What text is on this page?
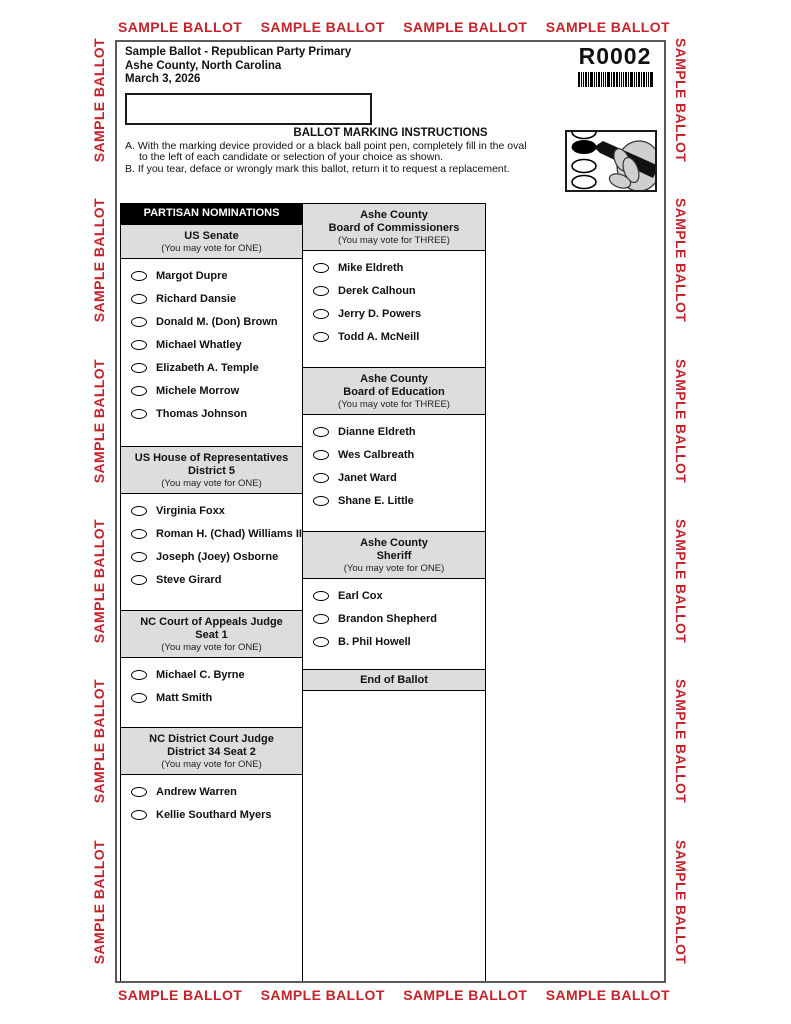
SAMPLE BALLOT SAMPLE BALLOT SAMPLE BALLOT SAMPLE BALLOT
SAMPLE BALLOT SAMPLE BALLOT SAMPLE BALLOT SAMPLE BALLOT
SAMPLE BALLOT
SAMPLE BALLOT
SAMPLE BALLOT
SAMPLE BALLOT
SAMPLE BALLOT
SAMPLE BALLOT
SAMPLE BALLOT
SAMPLE BALLOT
SAMPLE BALLOT
SAMPLE BALLOT
SAMPLE BALLOT
SAMPLE BALLOT
Sample Ballot - Republican Party Primary
Ashe County, North Carolina
March 3, 2026
R0002
BALLOT MARKING INSTRUCTIONS
A. With the marking device provided or a black ball point pen, completely fill in the oval to the left of each candidate or selection of your choice as shown.
B. If you tear, deface or wrongly mark this ballot, return it to request a replacement.
PARTISAN NOMINATIONS
US Senate
(You may vote for ONE)
Margot Dupre
Richard Dansie
Donald M. (Don) Brown
Michael Whatley
Elizabeth A. Temple
Michele Morrow
Thomas Johnson
US House of Representatives
District 5
(You may vote for ONE)
Virginia Foxx
Roman H. (Chad) Williams II
Joseph (Joey) Osborne
Steve Girard
NC Court of Appeals Judge
Seat 1
(You may vote for ONE)
Michael C. Byrne
Matt Smith
NC District Court Judge
District 34 Seat 2
(You may vote for ONE)
Andrew Warren
Kellie Southard Myers
Ashe County
Board of Commissioners
(You may vote for THREE)
Mike Eldreth
Derek Calhoun
Jerry D. Powers
Todd A. McNeill
Ashe County
Board of Education
(You may vote for THREE)
Dianne Eldreth
Wes Calbreath
Janet Ward
Shane E. Little
Ashe County
Sheriff
(You may vote for ONE)
Earl Cox
Brandon Shepherd
B. Phil Howell
End of Ballot
